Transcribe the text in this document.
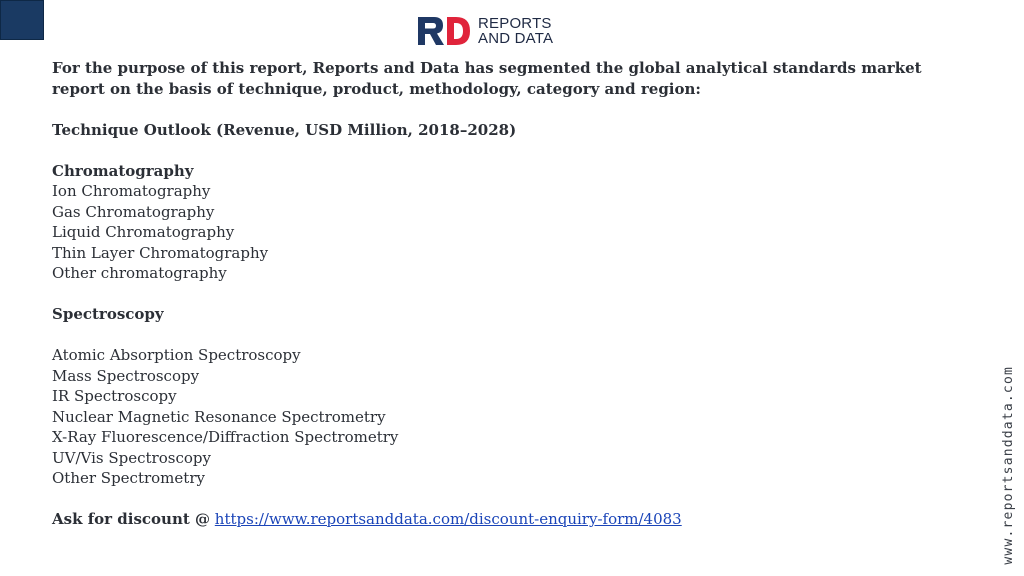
REPORTS
AND DATA

For the purpose of this report, Reports and Data has segmented the global analytical standards market report on the basis of technique, product, methodology, category and region:

Technique Outlook (Revenue, USD Million, 2018–2028)

Chromatography

Ion Chromatography

Gas Chromatography

Liquid Chromatography

Thin Layer Chromatography

Other chromatography

Spectroscopy

Atomic Absorption Spectroscopy

Mass Spectroscopy

IR Spectroscopy

Nuclear Magnetic Resonance Spectrometry

X-Ray Fluorescence/Diffraction Spectrometry

UV/Vis Spectroscopy

Other Spectrometry

Ask for discount @ https://www.reportsanddata.com/discount-enquiry-form/4083	www.reportsanddata.com
